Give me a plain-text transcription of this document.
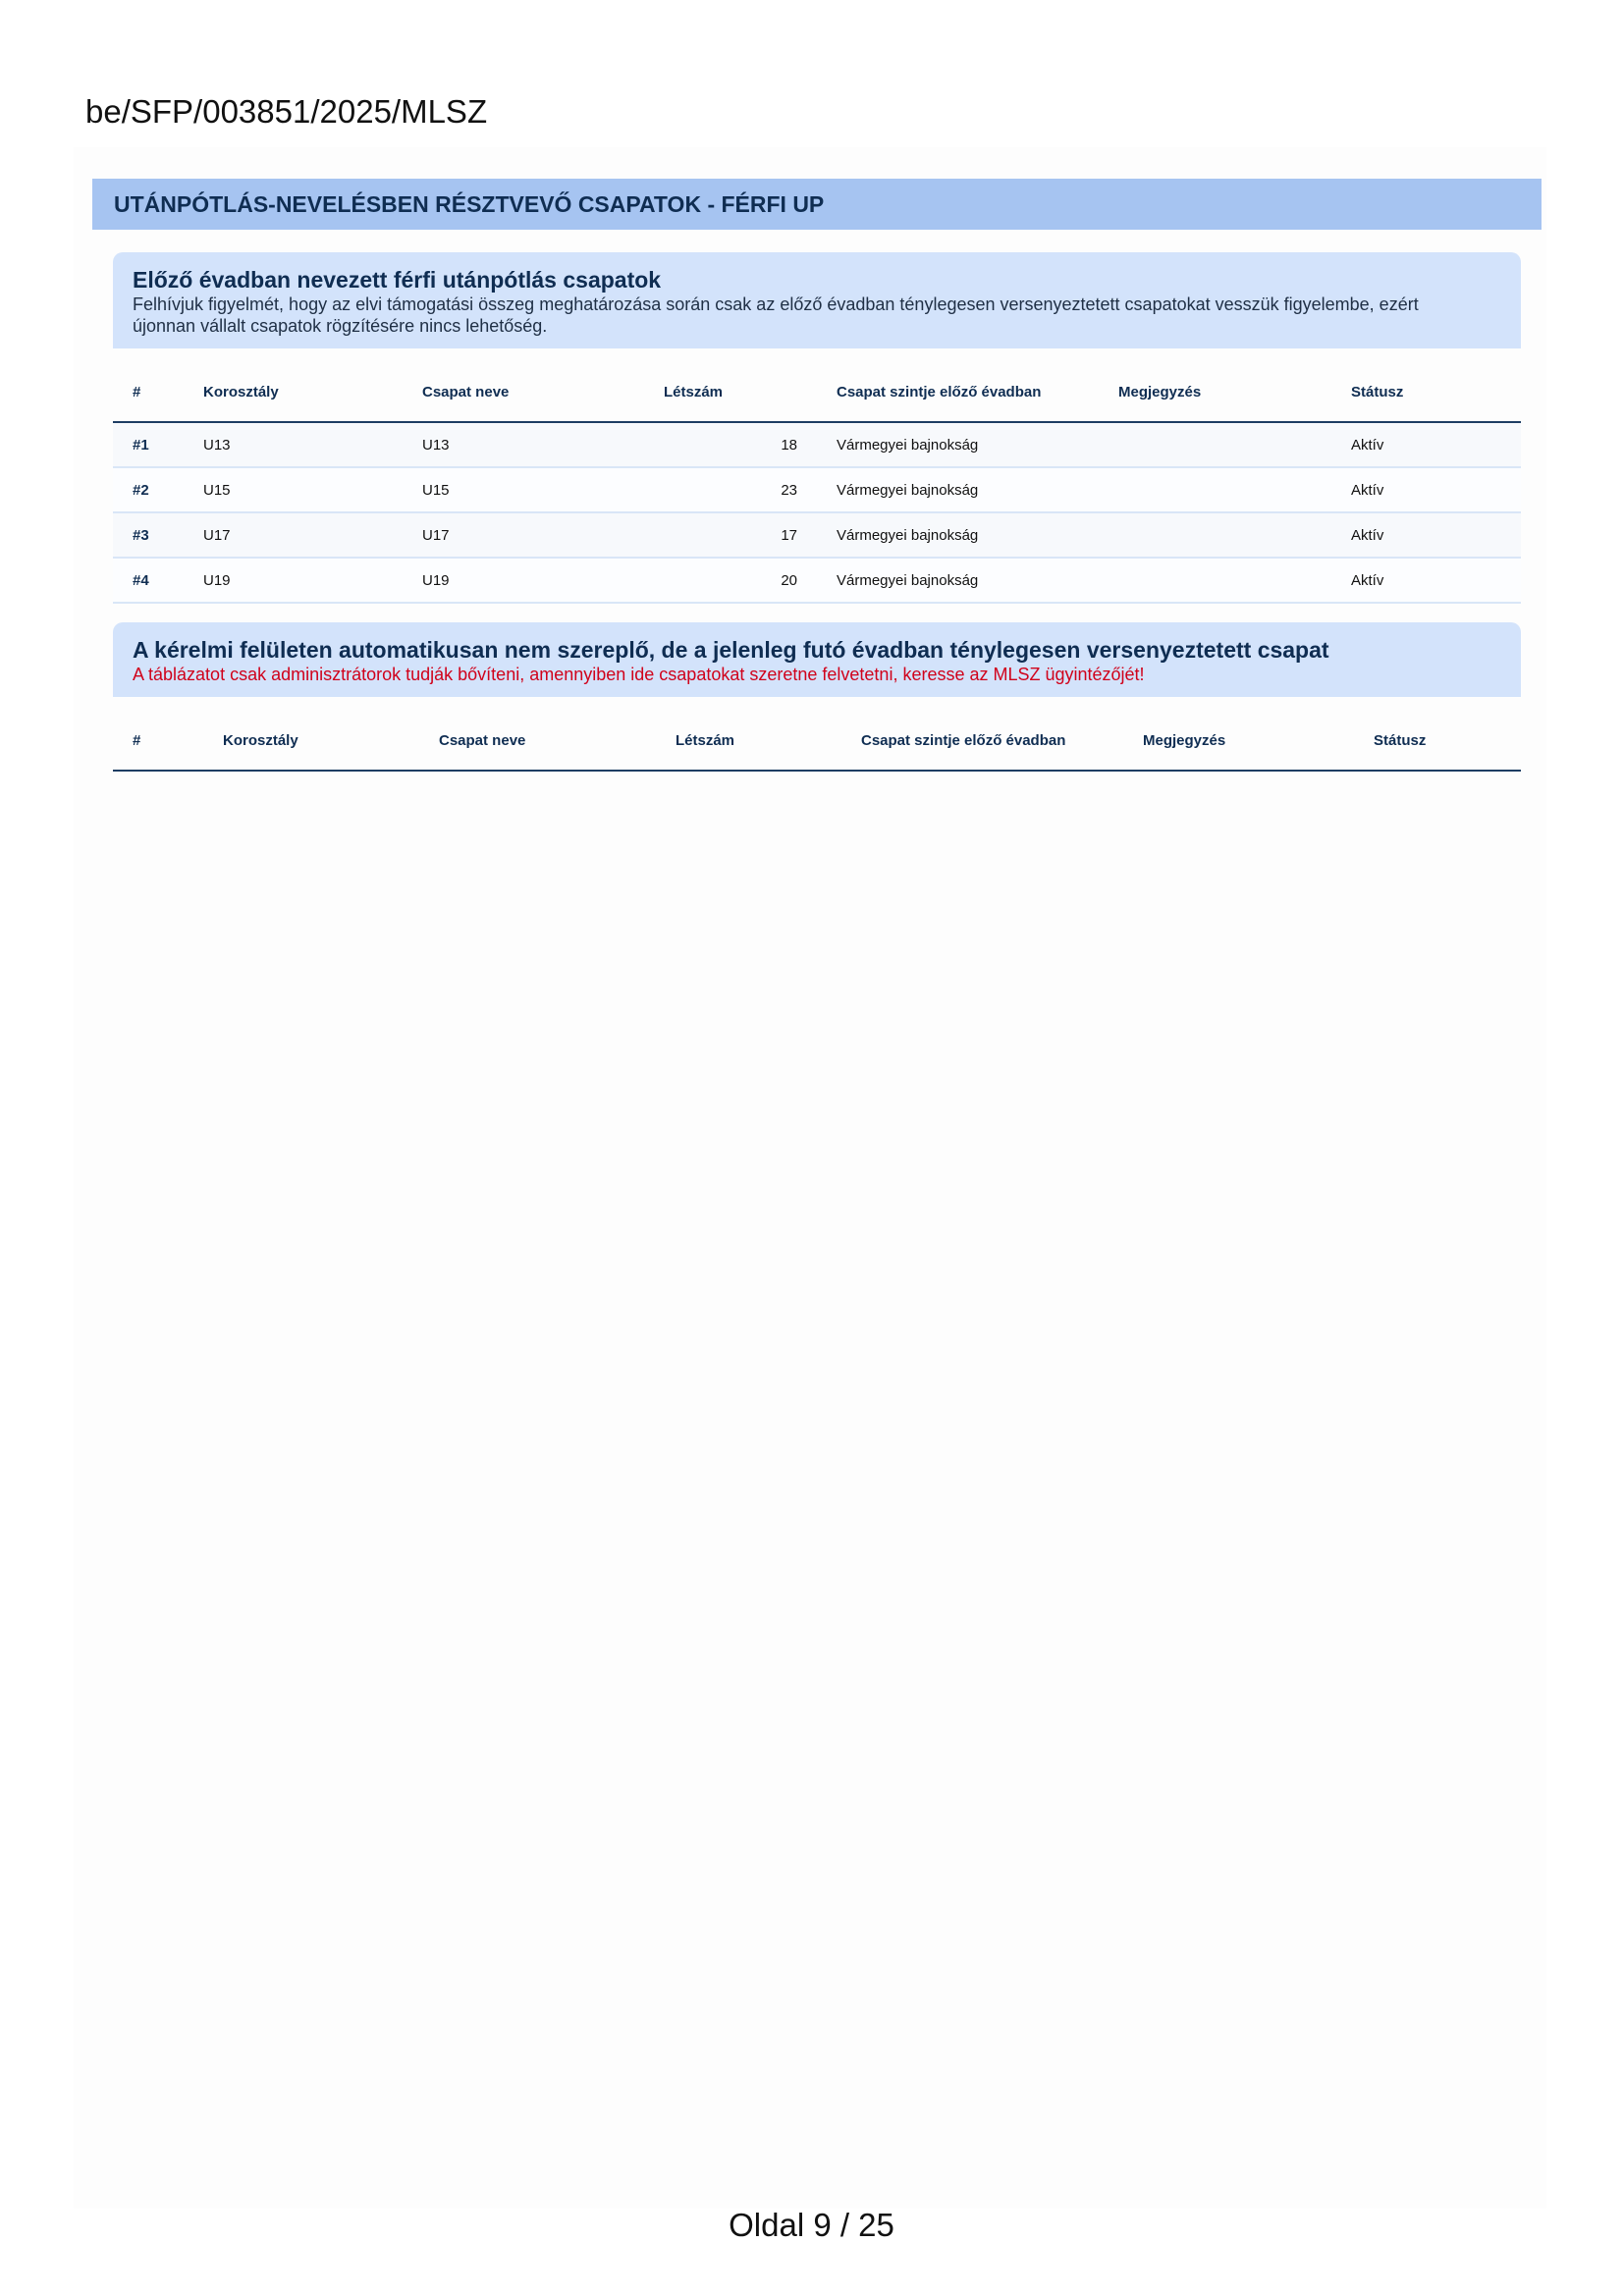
be/SFP/003851/2025/MLSZ
UTÁNPÓTLÁS-NEVELÉSBEN RÉSZTVEVŐ CSAPATOK - FÉRFI UP
Előző évadban nevezett férfi utánpótlás csapatok
Felhívjuk figyelmét, hogy az elvi támogatási összeg meghatározása során csak az előző évadban ténylegesen versenyeztetett csapatokat vesszük figyelembe, ezért
újonnan vállalt csapatok rögzítésére nincs lehetőség.
#	Korosztály	Csapat neve	Létszám	Csapat szintje előző évadban	Megjegyzés	Státusz
#1	U13	U13	18	Vármegyei bajnokság		Aktív
#2	U15	U15	23	Vármegyei bajnokság		Aktív
#3	U17	U17	17	Vármegyei bajnokság		Aktív
#4	U19	U19	20	Vármegyei bajnokság		Aktív
A kérelmi felületen automatikusan nem szereplő, de a jelenleg futó évadban ténylegesen versenyeztetett csapat
A táblázatot csak adminisztrátorok tudják bővíteni, amennyiben ide csapatokat szeretne felvetetni, keresse az MLSZ ügyintézőjét!
#	Korosztály	Csapat neve	Létszám	Csapat szintje előző évadban	Megjegyzés	Státusz
Oldal 9 / 25
